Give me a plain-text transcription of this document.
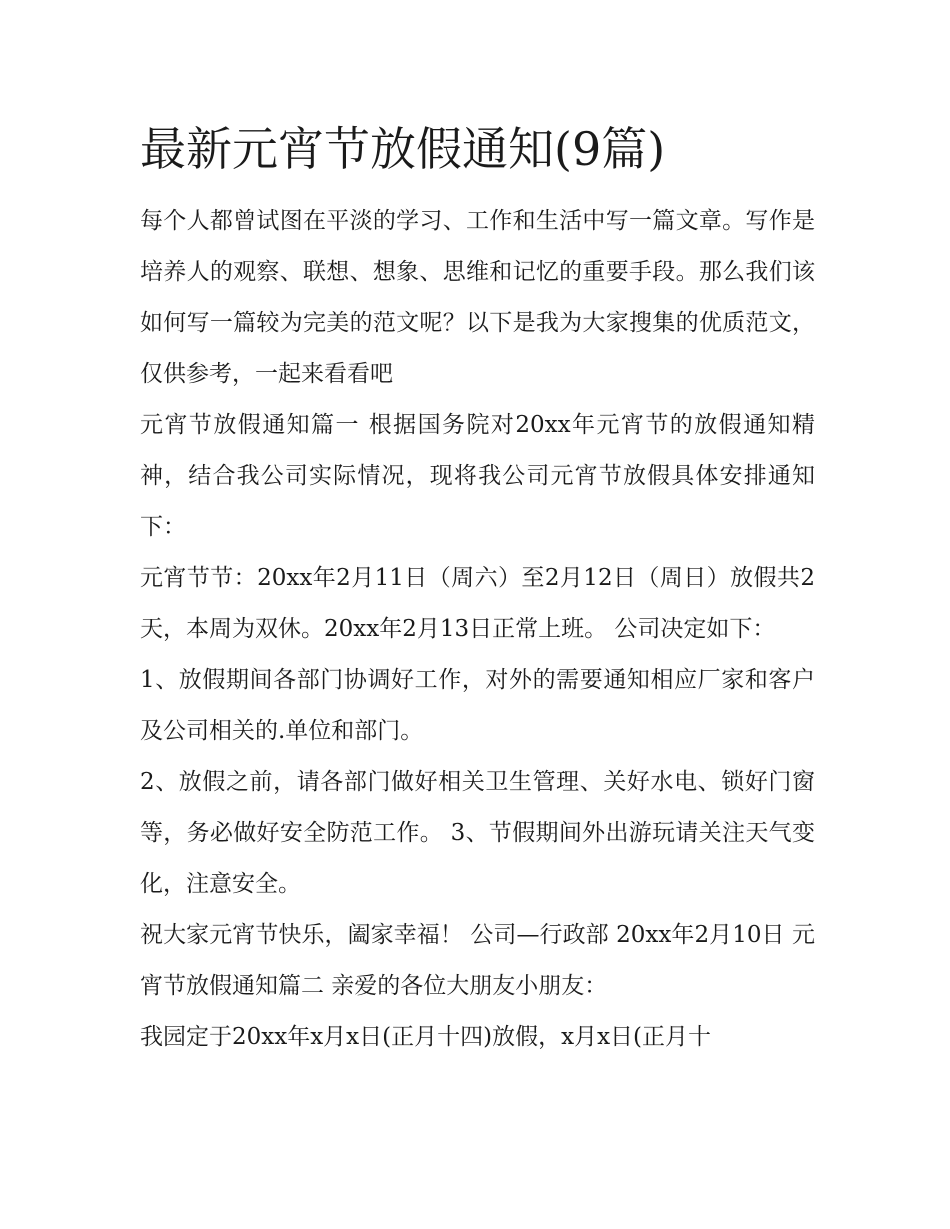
最新元宵节放假通知(9篇)

每个人都曾试图在平淡的学习、工作和生活中写一篇文章。写作是培养人的观察、联想、想象、思维和记忆的重要手段。那么我们该如何写一篇较为完美的范文呢？以下是我为大家搜集的优质范文，仅供参考，一起来看看吧

元宵节放假通知篇一 根据国务院对20xx年元宵节的放假通知精神，结合我公司实际情况，现将我公司元宵节放假具体安排通知下：

元宵节节：20xx年2月11日（周六）至2月12日（周日）放假共2天，本周为双休。20xx年2月13日正常上班。 公司决定如下：

1、放假期间各部门协调好工作，对外的需要通知相应厂家和客户及公司相关的.单位和部门。

2、放假之前，请各部门做好相关卫生管理、关好水电、锁好门窗等，务必做好安全防范工作。 3、节假期间外出游玩请关注天气变化，注意安全。

祝大家元宵节快乐，阖家幸福！ 公司—行政部 20xx年2月10日 元宵节放假通知篇二 亲爱的各位大朋友小朋友：

我园定于20xx年x月x日(正月十四)放假，x月x日(正月十
